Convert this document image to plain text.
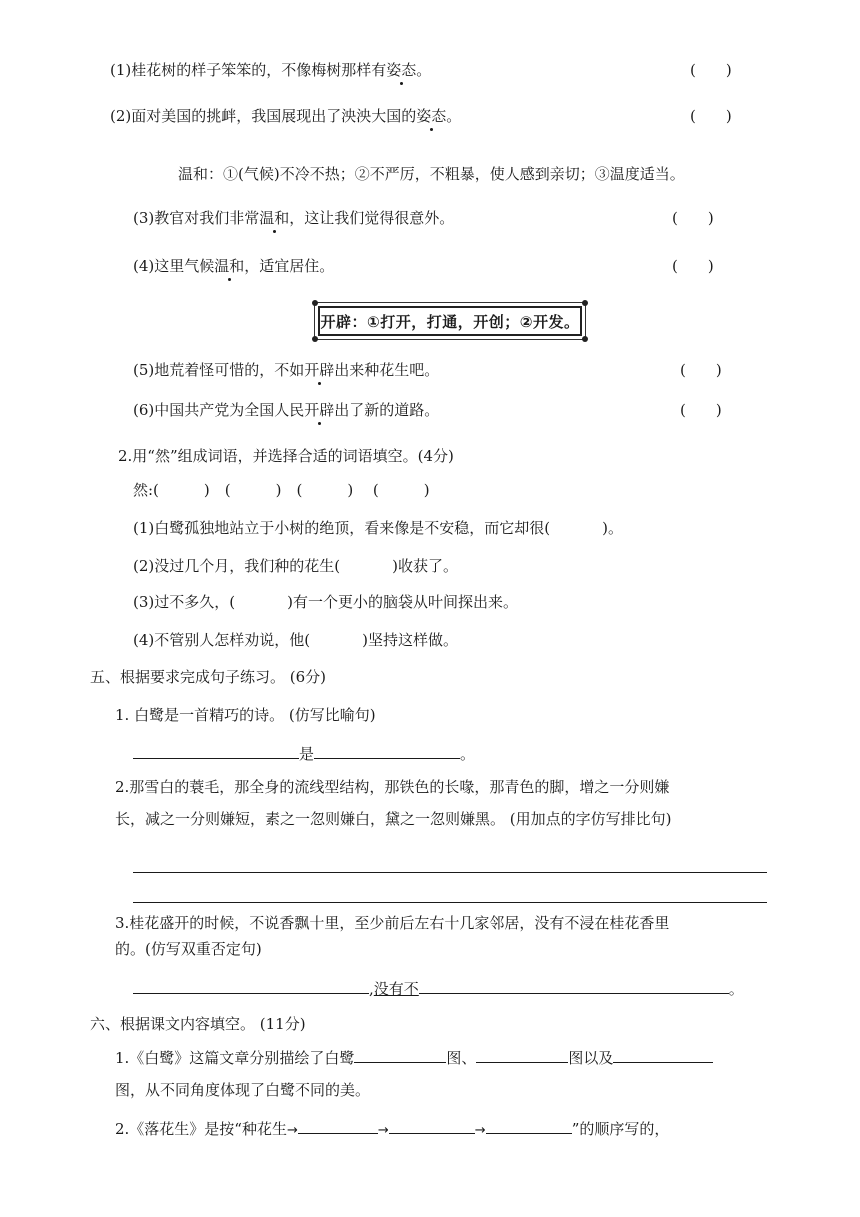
(1)桂花树的样子笨笨的，不像梅树那样有姿态。	(　　)
(2)面对美国的挑衅，我国展现出了泱泱大国的姿态。	(　　)
温和：①(气候)不冷不热；②不严厉，不粗暴，使人感到亲切；③温度适当。
(3)教官对我们非常温和，这让我们觉得很意外。	(　　)
(4)这里气候温和，适宜居住。	(　　)
开辟：①打开，打通，开创；②开发。
(5)地荒着怪可惜的，不如开辟出来种花生吧。	(　　)
(6)中国共产党为全国人民开辟出了新的道路。	(　　)
2.用“然”组成词语，并选择合适的词语填空。(4分)
然:(　　　)　(　　　)　(　　　)　 (　　　)
(1)白鹭孤独地站立于小树的绝顶，看来像是不安稳，而它却很(	)。
(2)没过几个月，我们种的花生(	)收获了。
(3)过不多久，(	)有一个更小的脑袋从叶间探出来。
(4)不管别人怎样劝说，他(	)坚持这样做。
五、根据要求完成句子练习。 (6分)
1. 白鹭是一首精巧的诗。 (仿写比喻句)
是	。
2.那雪白的蓑毛，那全身的流线型结构，那铁色的长喙，那青色的脚，增之一分则嫌
长，减之一分则嫌短，素之一忽则嫌白，黛之一忽则嫌黑。 (用加点的字仿写排比句)
3.桂花盛开的时候，不说香飘十里，至少前后左右十几家邻居，没有不浸在桂花香里
的。(仿写双重否定句)
,没有不	。
六、根据课文内容填空。 (11分)
1.《白鹭》这篇文章分别描绘了白鹭	图、	图以及
图，从不同角度体现了白鹭不同的美。
2.《落花生》是按“种花生→	→	→	”的顺序写的，
